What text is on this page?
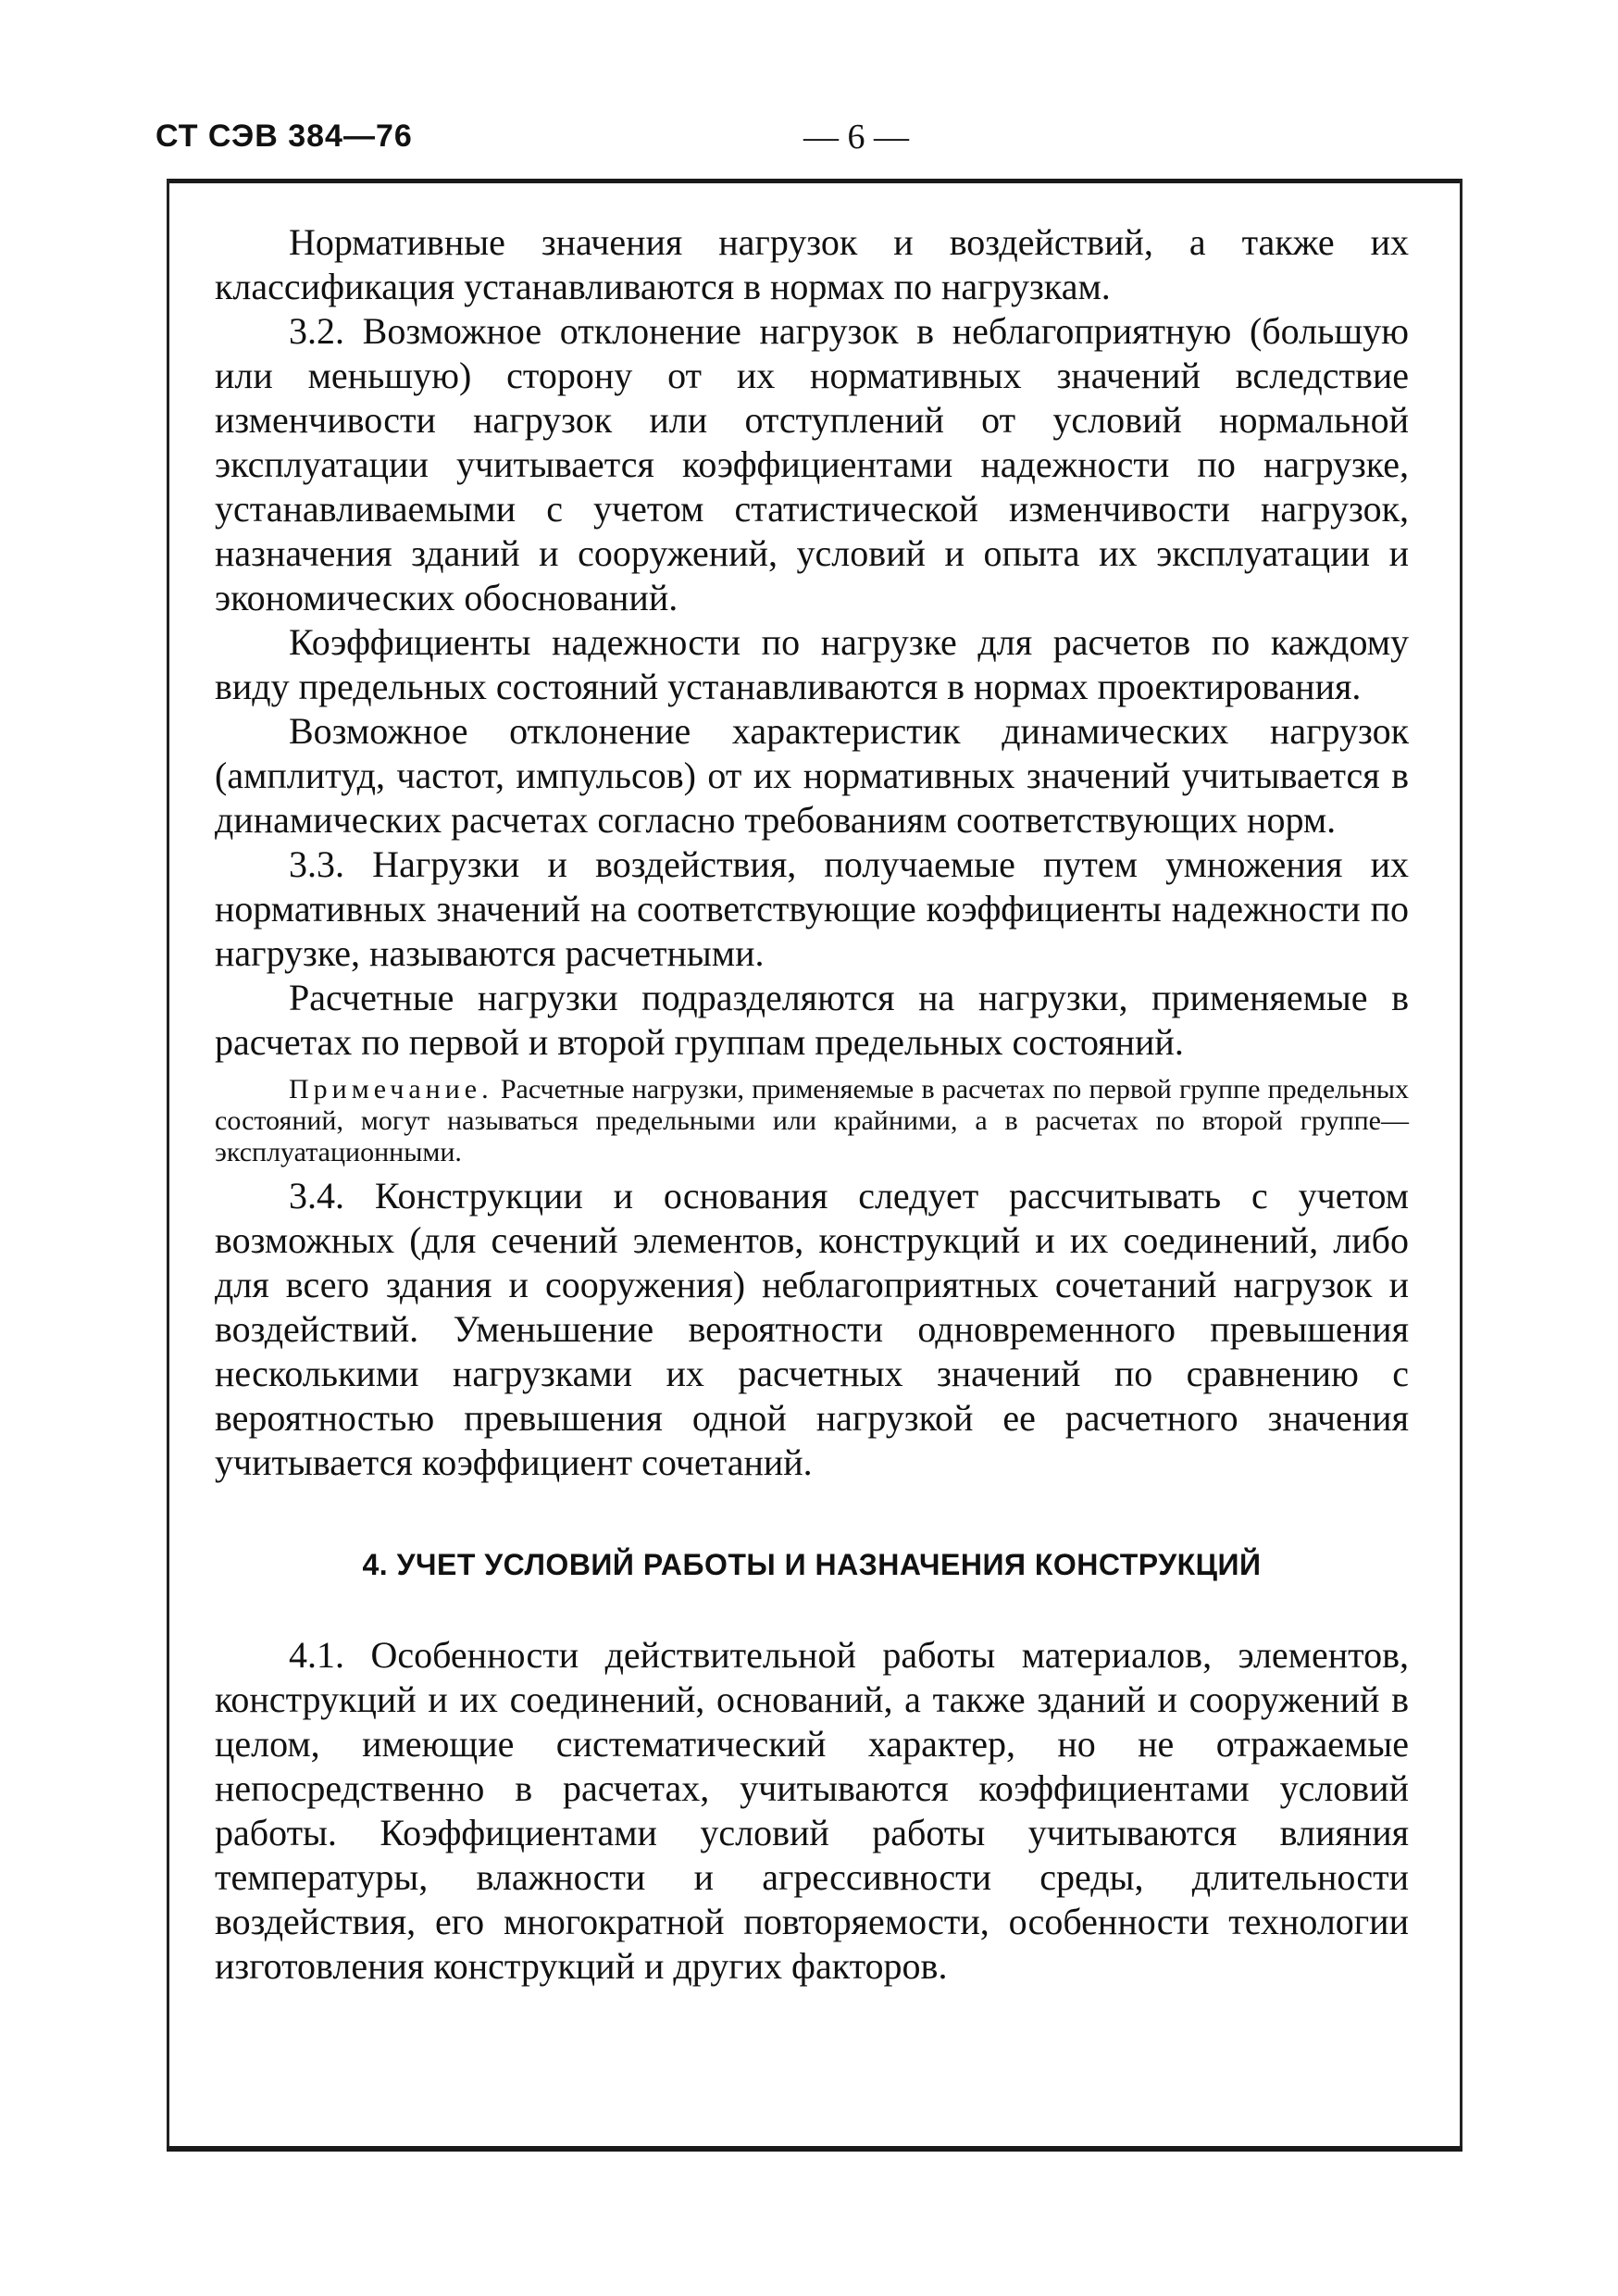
СТ СЭВ 384—76	— 6 —

Нормативные значения нагрузок и воздействий, а также их классификация устанавливаются в нормах по нагрузкам.

3.2. Возможное отклонение нагрузок в неблагоприятную (большую или меньшую) сторону от их нормативных значений вследствие изменчивости нагрузок или отступлений от условий нормальной эксплуатации учитывается коэффициентами надежности по нагрузке, устанавливаемыми с учетом статистической изменчивости нагрузок, назначения зданий и сооружений, условий и опыта их эксплуатации и экономических обоснований.

Коэффициенты надежности по нагрузке для расчетов по каждому виду предельных состояний устанавливаются в нормах проектирования.

Возможное отклонение характеристик динамических нагрузок (амплитуд, частот, импульсов) от их нормативных значений учитывается в динамических расчетах согласно требованиям соответствующих норм.

3.3. Нагрузки и воздействия, получаемые путем умножения их нормативных значений на соответствующие коэффициенты надежности по нагрузке, называются расчетными.

Расчетные нагрузки подразделяются на нагрузки, применяемые в расчетах по первой и второй группам предельных состояний.

Примечание. Расчетные нагрузки, применяемые в расчетах по первой группе предельных состояний, могут называться предельными или крайними, а в расчетах по второй группе—эксплуатационными.

3.4. Конструкции и основания следует рассчитывать с учетом возможных (для сечений элементов, конструкций и их соединений, либо для всего здания и сооружения) неблагоприятных сочетаний нагрузок и воздействий. Уменьшение вероятности одновременного превышения несколькими нагрузками их расчетных значений по сравнению с вероятностью превышения одной нагрузкой ее расчетного значения учитывается коэффициент сочетаний.

4. УЧЕТ УСЛОВИЙ РАБОТЫ И НАЗНАЧЕНИЯ КОНСТРУКЦИЙ

4.1. Особенности действительной работы материалов, элементов, конструкций и их соединений, оснований, а также зданий и сооружений в целом, имеющие систематический характер, но не отражаемые непосредственно в расчетах, учитываются коэффициентами условий работы. Коэффициентами условий работы учитываются влияния температуры, влажности и агрессивности среды, длительности воздействия, его многократной повторяемости, особенности технологии изготовления конструкций и других факторов.
